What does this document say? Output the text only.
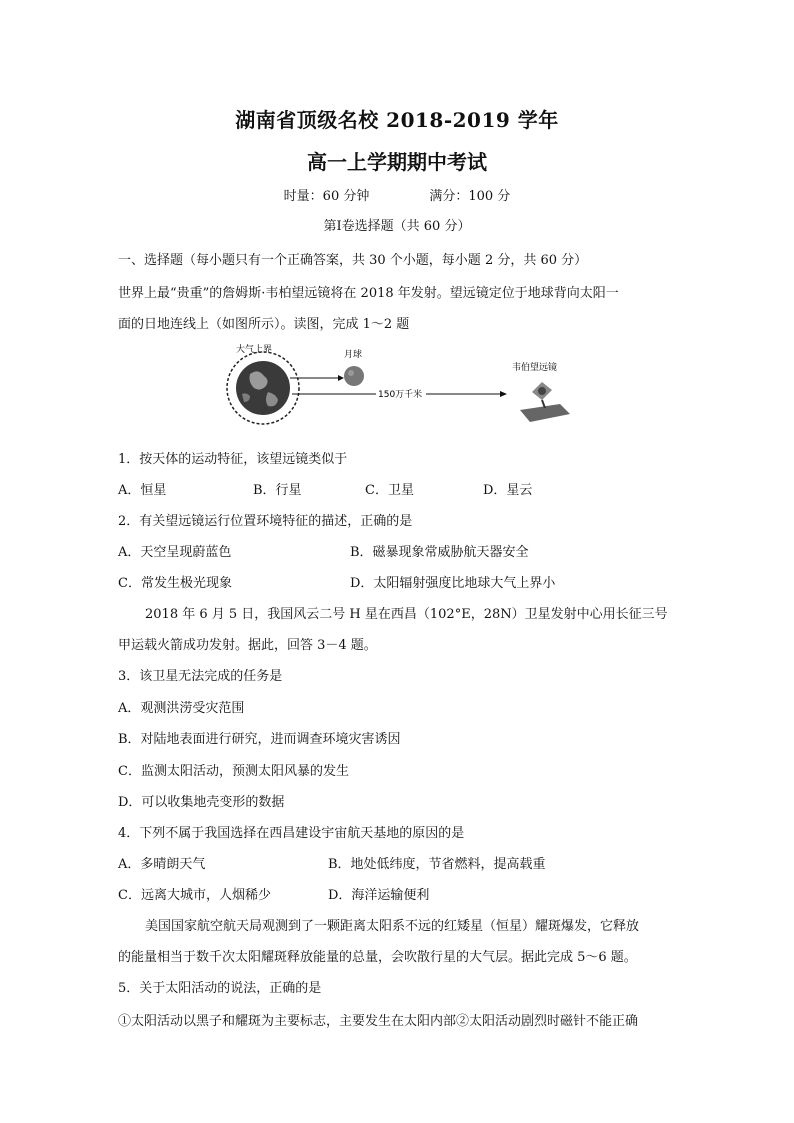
湖南省顶级名校 2018-2019 学年
高一上学期期中考试
时量：60 分钟	满分：100 分
第Ⅰ卷选择题（共 60 分）
一、选择题（每小题只有一个正确答案，共 30 个小题，每小题 2 分，共 60 分）
世界上最“贵重”的詹姆斯·韦柏望远镜将在 2018 年发射。望远镜定位于地球背向太阳一
面的日地连线上（如图所示）。读图，完成 1～2 题
大气上界	月球
150万千米
韦伯望远镜
1．按天体的运动特征，该望远镜类似于
A．恒星	B．行星	C．卫星	D．星云
2．有关望远镜运行位置环境特征的描述，正确的是
A．天空呈现蔚蓝色	B．磁暴现象常威胁航天器安全
C．常发生极光现象	D．太阳辐射强度比地球大气上界小
2018 年 6 月 5 日，我国风云二号 H 星在西昌（102°E，28N）卫星发射中心用长征三号
甲运载火箭成功发射。据此，回答 3－4 题。
3．该卫星无法完成的任务是
A．观测洪涝受灾范围
B．对陆地表面进行研究，进而调查环境灾害诱因
C．监测太阳活动，预测太阳风暴的发生
D．可以收集地壳变形的数据
4．下列不属于我国选择在西昌建设宇宙航天基地的原因的是
A．多晴朗天气	B．地处低纬度，节省燃料，提高载重
C．远离大城市，人烟稀少	D．海洋运输便利
美国国家航空航天局观测到了一颗距离太阳系不远的红矮星（恒星）耀斑爆发，它释放
的能量相当于数千次太阳耀斑释放能量的总量，会吹散行星的大气层。据此完成 5～6 题。
5．关于太阳活动的说法，正确的是
①太阳活动以黑子和耀斑为主要标志，主要发生在太阳内部②太阳活动剧烈时磁针不能正确
